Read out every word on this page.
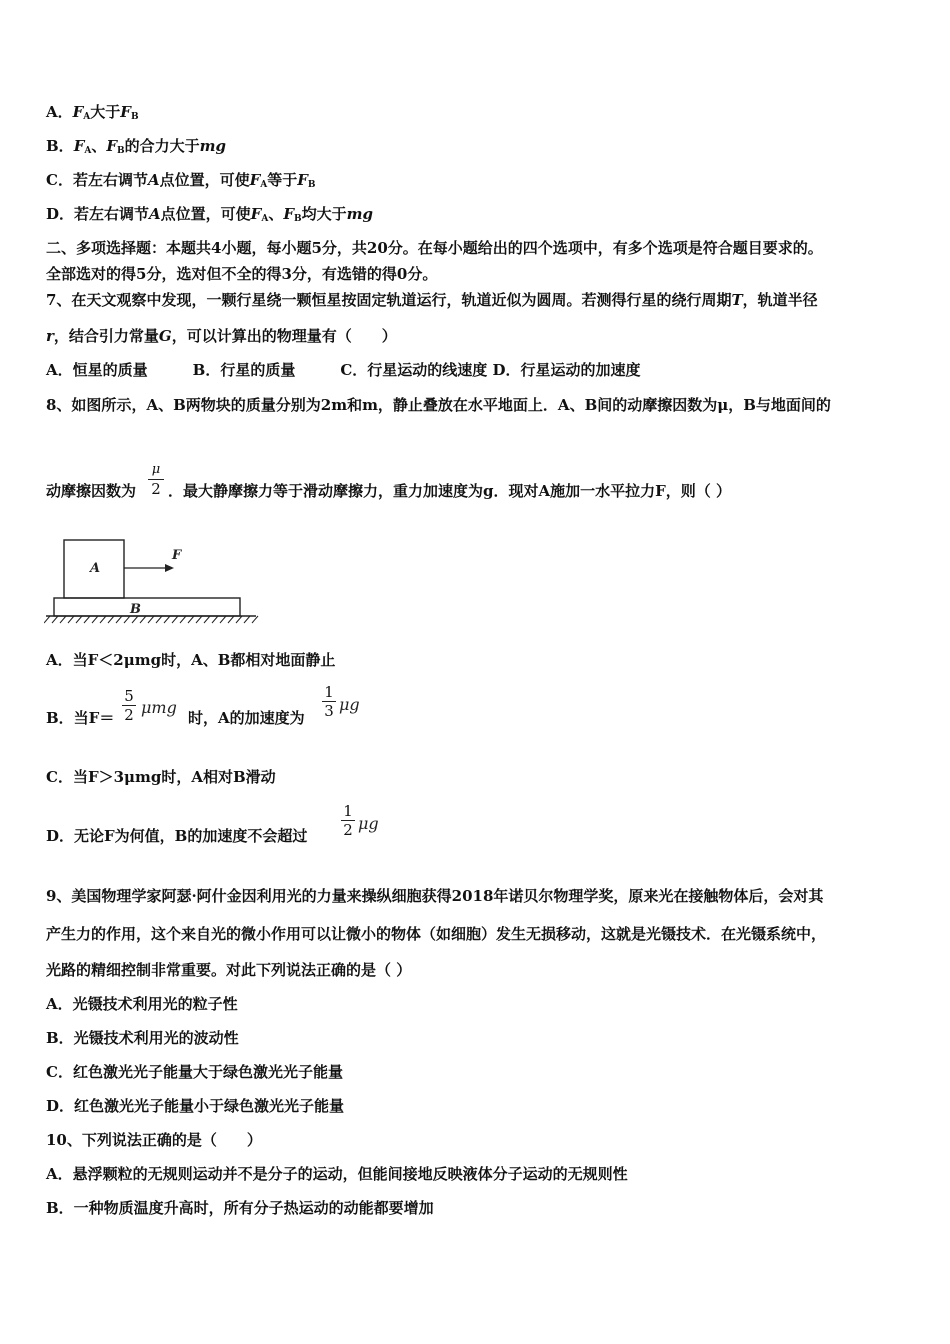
A．$F_A$大于$F_B$
B．$F_A$、$F_B$的合力大于mg
C．若左右调节A点位置，可使$F_A$等于$F_B$
D．若左右调节A点位置，可使$F_A$、$F_B$均大于mg
二、多项选择题：本题共4小题，每小题5分，共20分。在每小题给出的四个选项中，有多个选项是符合题目要求的。
全部选对的得5分，选对但不全的得3分，有选错的得0分。
7、在天文观察中发现，一颗行星绕一颗恒星按固定轨道运行，轨道近似为圆周。若测得行星的绕行周期T，轨道半径
r，结合引力常量G，可以计算出的物理量有（　　）
A．恒星的质量　　　B．行星的质量　　　C．行星运动的线速度 D．行星运动的加速度
8、如图所示，A、B两物块的质量分别为2m和m，静止叠放在水平地面上．A、B间的动摩擦因数为μ，B与地面间的
动摩擦因数为
μ
2 ．最大静摩擦力等于滑动摩擦力，重力加速度为g．现对A施加一水平拉力F，则（ ）
A
F
B
A．当F＜2μmg时，A、B都相对地面静止
B．当F＝
5
2 μmg
时，A的加速度为
1
3 μg
C．当F＞3μmg时，A相对B滑动
D．无论F为何值，B的加速度不会超过
1
2 μg
9、美国物理学家阿瑟·阿什金因利用光的力量来操纵细胞获得2018年诺贝尔物理学奖，原来光在接触物体后，会对其
产生力的作用，这个来自光的微小作用可以让微小的物体（如细胞）发生无损移动，这就是光镊技术．在光镊系统中，
光路的精细控制非常重要。对此下列说法正确的是（ ）
A．光镊技术利用光的粒子性
B．光镊技术利用光的波动性
C．红色激光光子能量大于绿色激光光子能量
D．红色激光光子能量小于绿色激光光子能量
10、下列说法正确的是（　　）
A．悬浮颗粒的无规则运动并不是分子的运动，但能间接地反映液体分子运动的无规则性
B．一种物质温度升高时，所有分子热运动的动能都要增加
